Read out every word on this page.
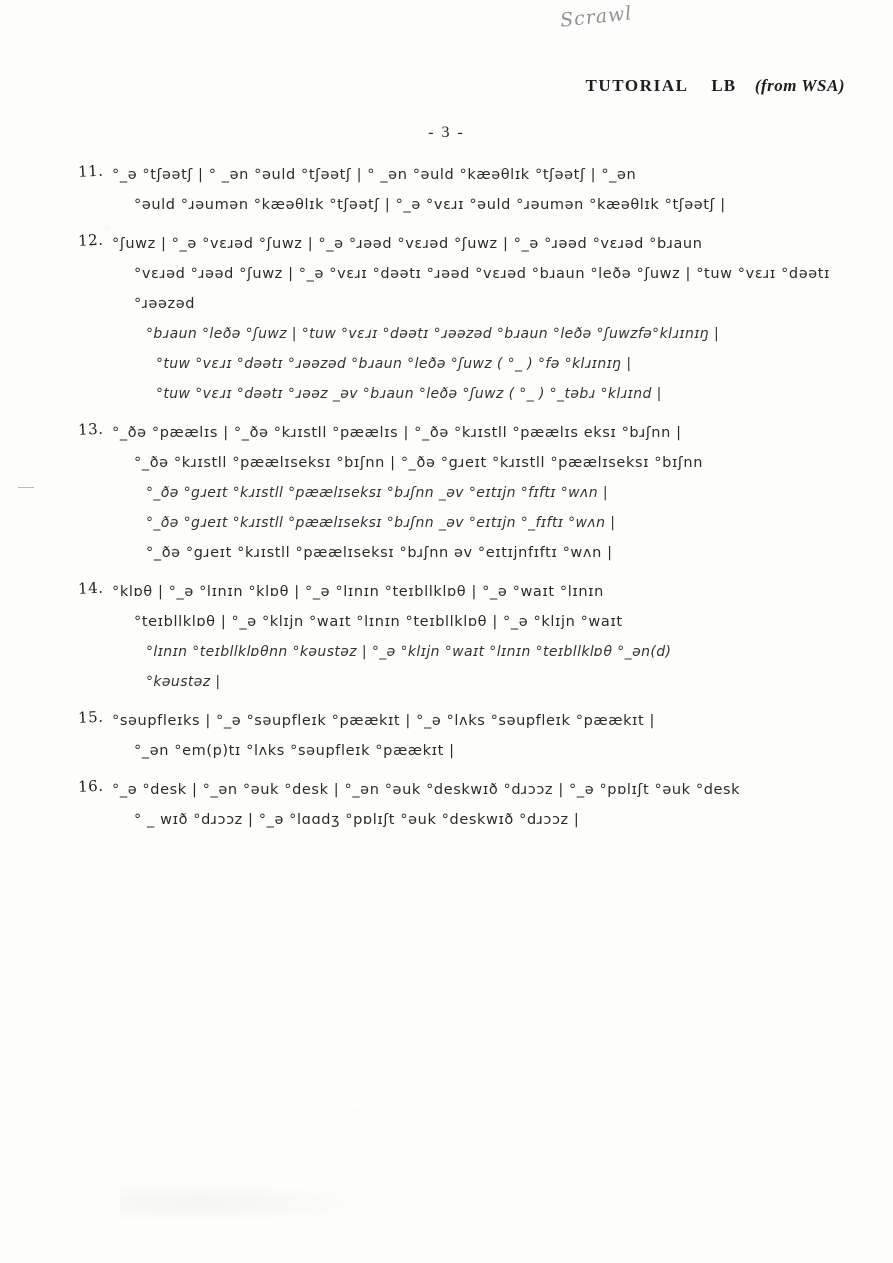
Scrawl
TUTORIAL LB (from WSA)
- 3 -
11. °_ə °tʃəətʃ | ° _ən °əuld °tʃəətʃ | ° _ən °əuld °kæəθlɪk °tʃəətʃ | °_ən
°əuld °ɹəumən °kæəθlɪk °tʃəətʃ | °_ə °vɛɹɪ °əuld °ɹəumən °kæəθlɪk °tʃəətʃ |
12. °ʃuwz | °_ə °vɛɹəd °ʃuwz | °_ə °ɹəəd °vɛɹəd °ʃuwz | °_ə °ɹəəd °vɛɹəd °bɹaun
°vɛɹəd °ɹəəd °ʃuwz | °_ə °vɛɹɪ °dəətɪ °ɹəəd °vɛɹəd °bɹaun °leðə °ʃuwz | °tuw °vɛɹɪ °dəətɪ °ɹəəzəd
°bɹaun °leðə °ʃuwz | °tuw °vɛɹɪ °dəətɪ °ɹəəzəd °bɹaun °leðə °ʃuwzfə°klɹɪnɪŋ |
°tuw °vɛɹɪ °dəətɪ °ɹəəzəd °bɹaun °leðə °ʃuwz ( °_ ) °fə °klɹɪnɪŋ |
°tuw °vɛɹɪ °dəətɪ °ɹəəz _əv °bɹaun °leðə °ʃuwz ( °_ ) °_təbɹ °klɹɪnd |
13. °_ðə °pæælɪs | °_ðə °kɹɪstll °pæælɪs | °_ðə °kɹɪstll °pæælɪs eksɪ °bɹʃnn |
°_ðə °kɹɪstll °pæælɪseksɪ °bɪʃnn | °_ðə °gɹeɪt °kɹɪstll °pæælɪseksɪ °bɪʃnn
°_ðə °gɹeɪt °kɹɪstll °pæælɪseksɪ °bɹʃnn _əv °eɪtɪjn °fɪftɪ °wʌn |
°_ðə °gɹeɪt °kɹɪstll °pæælɪseksɪ °bɹʃnn _əv °eɪtɪjn °_fɪftɪ °wʌn |
°_ðə °gɹeɪt °kɹɪstll °pæælɪseksɪ °bɹʃnn əv °eɪtɪjnfɪftɪ °wʌn |
14. °klɒθ | °_ə °lɪnɪn °klɒθ | °_ə °lɪnɪn °teɪbllklɒθ | °_ə °waɪt °lɪnɪn
°teɪbllklɒθ | °_ə °klɪjn °waɪt °lɪnɪn °teɪbllklɒθ | °_ə °klɪjn °waɪt
°lɪnɪn °teɪbllklɒθnn °kəustəz | °_ə °klɪjn °waɪt °lɪnɪn °teɪbllklɒθ °_ən(d)
°kəustəz |
15. °səupfleɪks | °_ə °səupfleɪk °pæækɪt | °_ə °lʌks °səupfleɪk °pæækɪt |
°_ən °em(p)tɪ °lʌks °səupfleɪk °pæækɪt |
16. °_ə °desk | °_ən °əuk °desk | °_ən °əuk °deskwɪð °dɹɔɔz | °_ə °pɒlɪʃt °əuk °desk
° _ wɪð °dɹɔɔz | °_ə °lɑɑdʒ °pɒlɪʃt °əuk °deskwɪð °dɹɔɔz |
